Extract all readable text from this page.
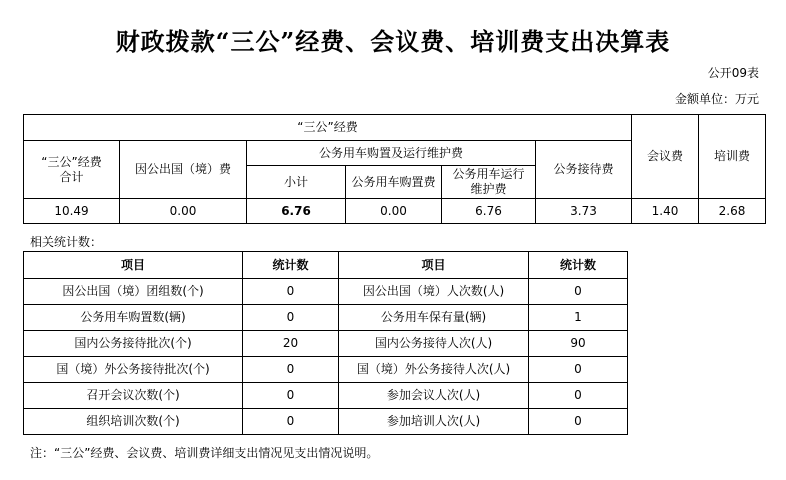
财政拨款“三公”经费、会议费、培训费支出决算表
公开09表
金额单位：万元
“三公”经费						会议费	培训费
“三公”经费合计	因公出国（境）费	公务用车购置及运行维护费			公务接待费		
		小计	公务用车购置费	公务用车运行维护费			
10.49	0.00	6.76	0.00	6.76	3.73	1.40	2.68
相关统计数：
项目	统计数	项目	统计数
因公出国（境）团组数(个)	0	因公出国（境）人次数(人)	0
公务用车购置数(辆)	0	公务用车保有量(辆)	1
国内公务接待批次(个)	20	国内公务接待人次(人)	90
国（境）外公务接待批次(个)	0	国（境）外公务接待人次(人)	0
召开会议次数(个)	0	参加会议人次(人)	0
组织培训次数(个)	0	参加培训人次(人)	0
注：“三公”经费、会议费、培训费详细支出情况见支出情况说明。
